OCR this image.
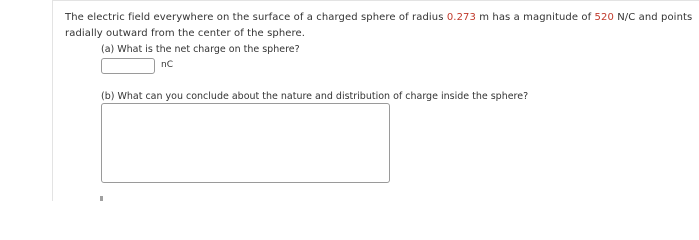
The electric field everywhere on the surface of a charged sphere of radius 0.273 m has a magnitude of 520 N/C and points radially outward from the center of the sphere.
(a) What is the net charge on the sphere?
nC
(b) What can you conclude about the nature and distribution of charge inside the sphere?
